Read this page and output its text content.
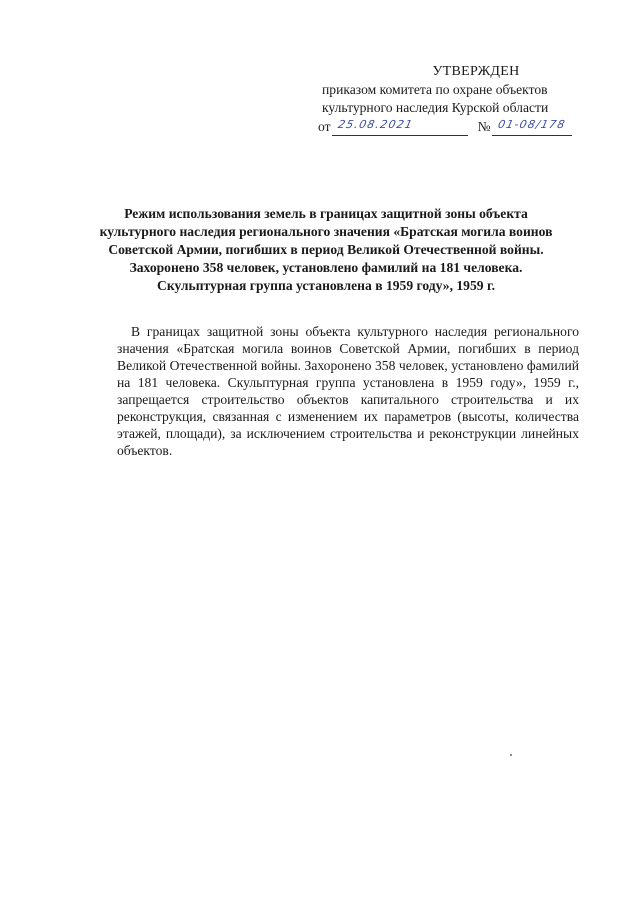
УТВЕРЖДЕН
приказом комитета по охране объектов
культурного наследия Курской области
от 25.08.2021	№ 01-08/178
Режим использования земель в границах защитной зоны объекта культурного наследия регионального значения «Братская могила воинов Советской Армии, погибших в период Великой Отечественной войны. Захоронено 358 человек, установлено фамилий на 181 человека. Скульптурная группа установлена в 1959 году», 1959 г.
В границах защитной зоны объекта культурного наследия регионального значения «Братская могила воинов Советской Армии, погибших в период Великой Отечественной войны. Захоронено 358 человек, установлено фамилий на 181 человека. Скульптурная группа установлена в 1959 году», 1959 г., запрещается строительство объектов капитального строительства и их реконструкция, связанная с изменением их параметров (высоты, количества этажей, площади), за исключением строительства и реконструкции линейных объектов.
